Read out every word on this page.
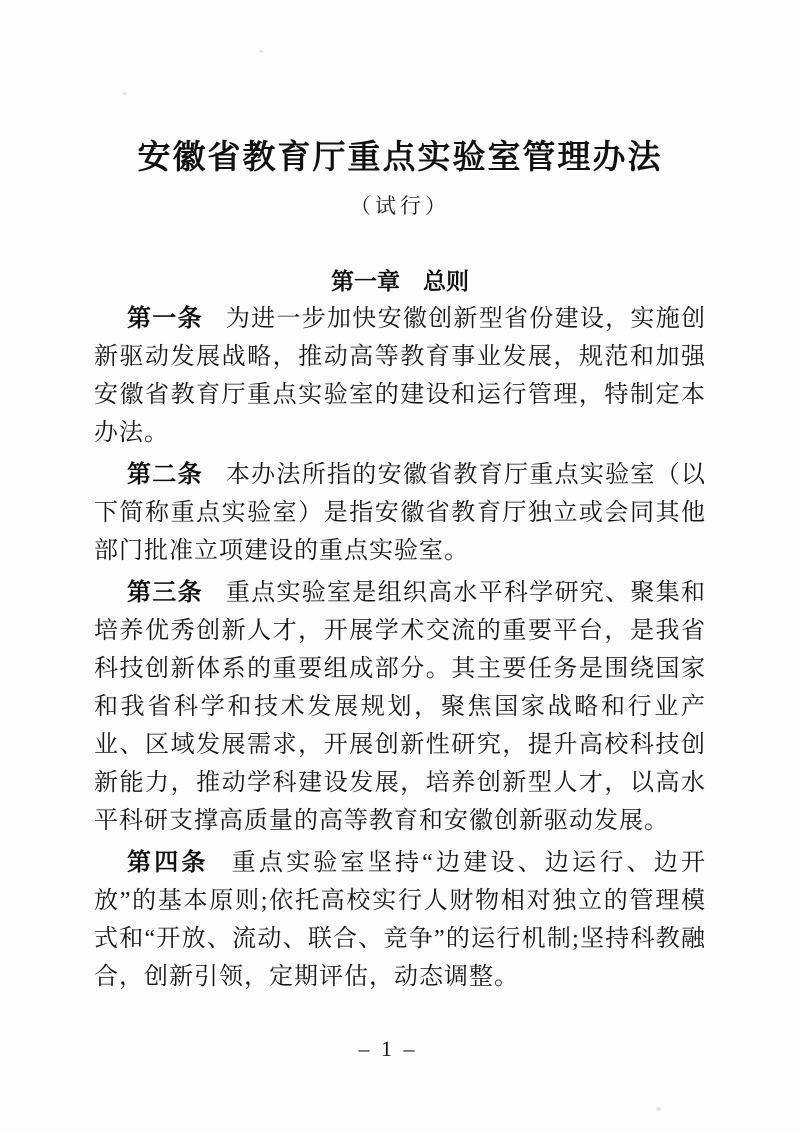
安徽省教育厅重点实验室管理办法
（试行）
第一章　总则

第一条 为进一步加快安徽创新型省份建设，实施创新驱动发展战略，推动高等教育事业发展，规范和加强安徽省教育厅重点实验室的建设和运行管理，特制定本办法。

第二条 本办法所指的安徽省教育厅重点实验室（以下简称重点实验室）是指安徽省教育厅独立或会同其他部门批准立项建设的重点实验室。

第三条 重点实验室是组织高水平科学研究、聚集和培养优秀创新人才，开展学术交流的重要平台，是我省科技创新体系的重要组成部分。其主要任务是围绕国家和我省科学和技术发展规划，聚焦国家战略和行业产业、区域发展需求，开展创新性研究，提升高校科技创新能力，推动学科建设发展，培养创新型人才，以高水平科研支撑高质量的高等教育和安徽创新驱动发展。

第四条 重点实验室坚持“边建设、边运行、边开放”的基本原则;依托高校实行人财物相对独立的管理模式和“开放、流动、联合、竞争”的运行机制;坚持科教融合，创新引领，定期评估，动态调整。

– 1 –
